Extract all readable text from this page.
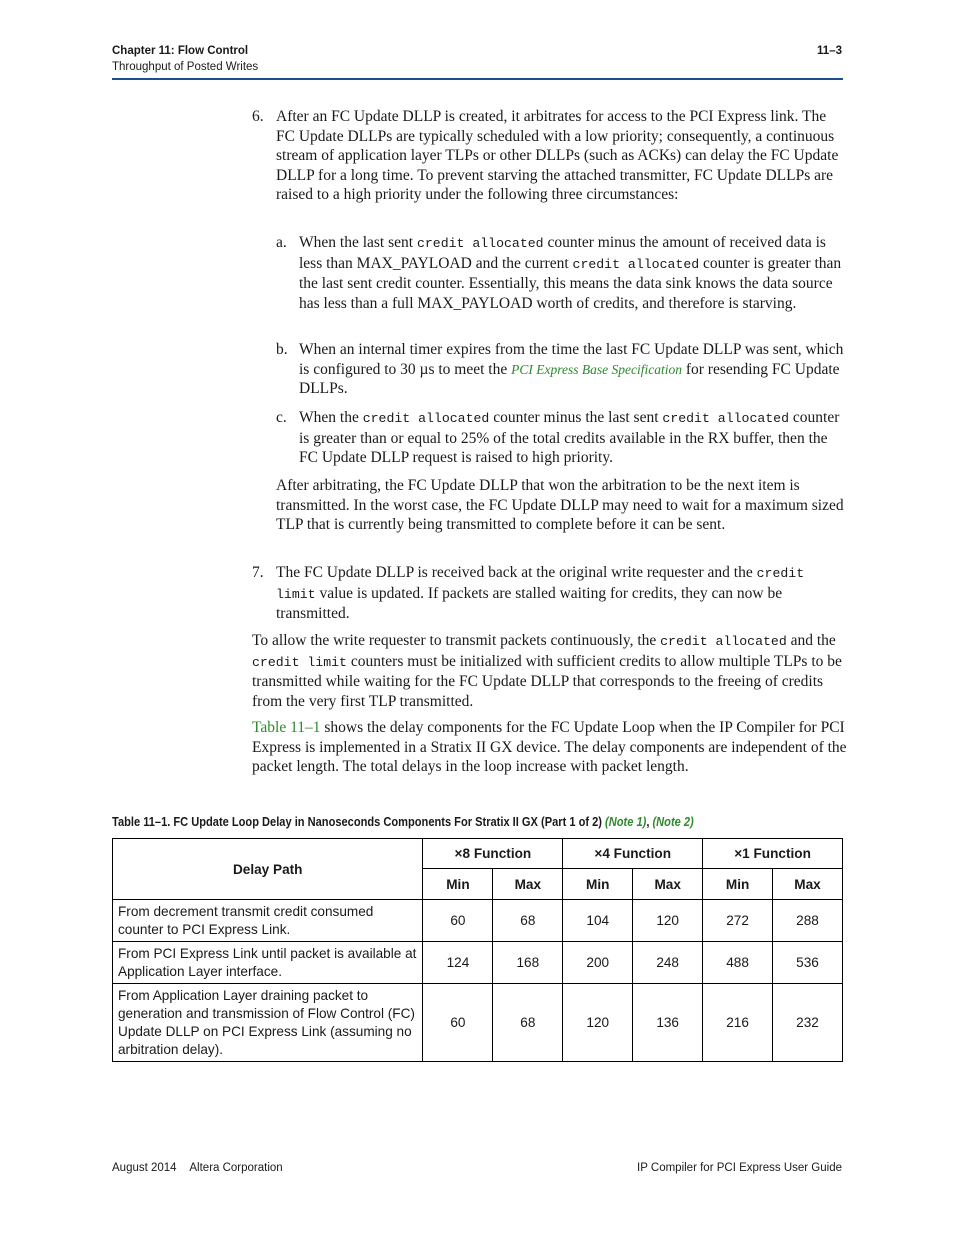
Chapter 11: Flow Control
Throughput of Posted Writes
11–3
6. After an FC Update DLLP is created, it arbitrates for access to the PCI Express link. The FC Update DLLPs are typically scheduled with a low priority; consequently, a continuous stream of application layer TLPs or other DLLPs (such as ACKs) can delay the FC Update DLLP for a long time. To prevent starving the attached transmitter, FC Update DLLPs are raised to a high priority under the following three circumstances:
a. When the last sent credit allocated counter minus the amount of received data is less than MAX_PAYLOAD and the current credit allocated counter is greater than the last sent credit counter. Essentially, this means the data sink knows the data source has less than a full MAX_PAYLOAD worth of credits, and therefore is starving.
b. When an internal timer expires from the time the last FC Update DLLP was sent, which is configured to 30 µs to meet the PCI Express Base Specification for resending FC Update DLLPs.
c. When the credit allocated counter minus the last sent credit allocated counter is greater than or equal to 25% of the total credits available in the RX buffer, then the FC Update DLLP request is raised to high priority.
After arbitrating, the FC Update DLLP that won the arbitration to be the next item is transmitted. In the worst case, the FC Update DLLP may need to wait for a maximum sized TLP that is currently being transmitted to complete before it can be sent.
7. The FC Update DLLP is received back at the original write requester and the credit limit value is updated. If packets are stalled waiting for credits, they can now be transmitted.
To allow the write requester to transmit packets continuously, the credit allocated and the credit limit counters must be initialized with sufficient credits to allow multiple TLPs to be transmitted while waiting for the FC Update DLLP that corresponds to the freeing of credits from the very first TLP transmitted.
Table 11–1 shows the delay components for the FC Update Loop when the IP Compiler for PCI Express is implemented in a Stratix II GX device. The delay components are independent of the packet length. The total delays in the loop increase with packet length.
Table 11–1. FC Update Loop Delay in Nanoseconds Components For Stratix II GX (Part 1 of 2) (Note 1), (Note 2)
Delay Path	×8 Function		×4 Function		×1 Function	
	Min	Max	Min	Max	Min	Max
From decrement transmit credit consumed counter to PCI Express Link.	60	68	104	120	272	288
From PCI Express Link until packet is available at Application Layer interface.	124	168	200	248	488	536
From Application Layer draining packet to generation and transmission of Flow Control (FC) Update DLLP on PCI Express Link (assuming no arbitration delay).	60	68	120	136	216	232
August 2014 Altera Corporation	IP Compiler for PCI Express User Guide
